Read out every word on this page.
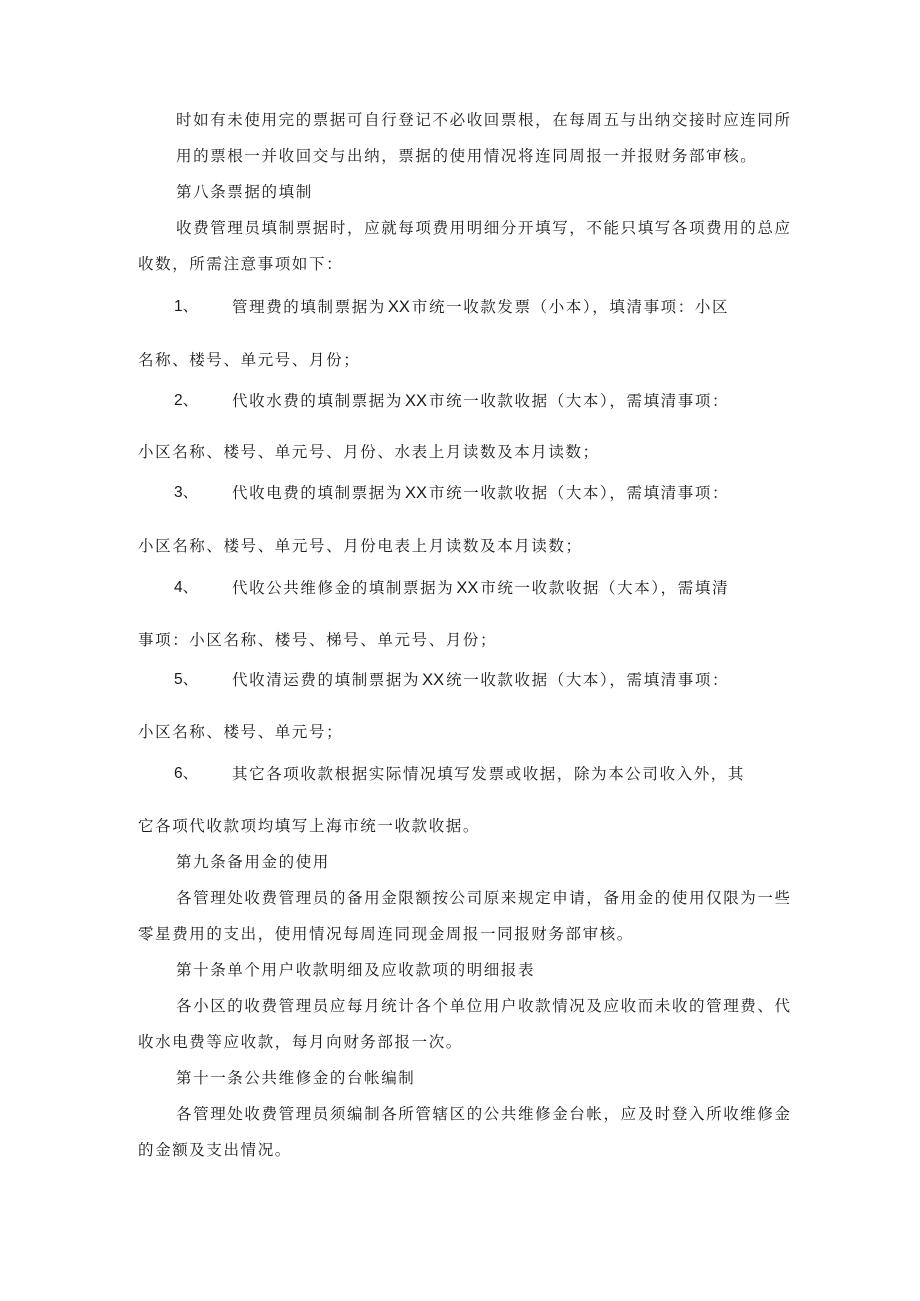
时如有未使用完的票据可自行登记不必收回票根，在每周五与出纳交接时应连同所
用的票根一并收回交与出纳，票据的使用情况将连同周报一并报财务部审核。
第八条票据的填制
收费管理员填制票据时，应就每项费用明细分开填写，不能只填写各项费用的总应
收数，所需注意事项如下：
1、 管理费的填制票据为 XX 市统一收款发票（小本），填清事项：小区
名称、楼号、单元号、月份；
2、 代收水费的填制票据为 XX 市统一收款收据（大本），需填清事项：
小区名称、楼号、单元号、月份、水表上月读数及本月读数；
3、 代收电费的填制票据为 XX 市统一收款收据（大本），需填清事项：
小区名称、楼号、单元号、月份电表上月读数及本月读数；
4、 代收公共维修金的填制票据为 XX 市统一收款收据（大本），需填清
事项：小区名称、楼号、梯号、单元号、月份；
5、 代收清运费的填制票据为 XX 统一收款收据（大本），需填清事项：
小区名称、楼号、单元号；
6、 其它各项收款根据实际情况填写发票或收据，除为本公司收入外，其
它各项代收款项均填写上海市统一收款收据。
第九条备用金的使用
各管理处收费管理员的备用金限额按公司原来规定申请，备用金的使用仅限为一些
零星费用的支出，使用情况每周连同现金周报一同报财务部审核。
第十条单个用户收款明细及应收款项的明细报表
各小区的收费管理员应每月统计各个单位用户收款情况及应收而未收的管理费、代
收水电费等应收款，每月向财务部报一次。
第十一条公共维修金的台帐编制
各管理处收费管理员须编制各所管辖区的公共维修金台帐，应及时登入所收维修金
的金额及支出情况。
